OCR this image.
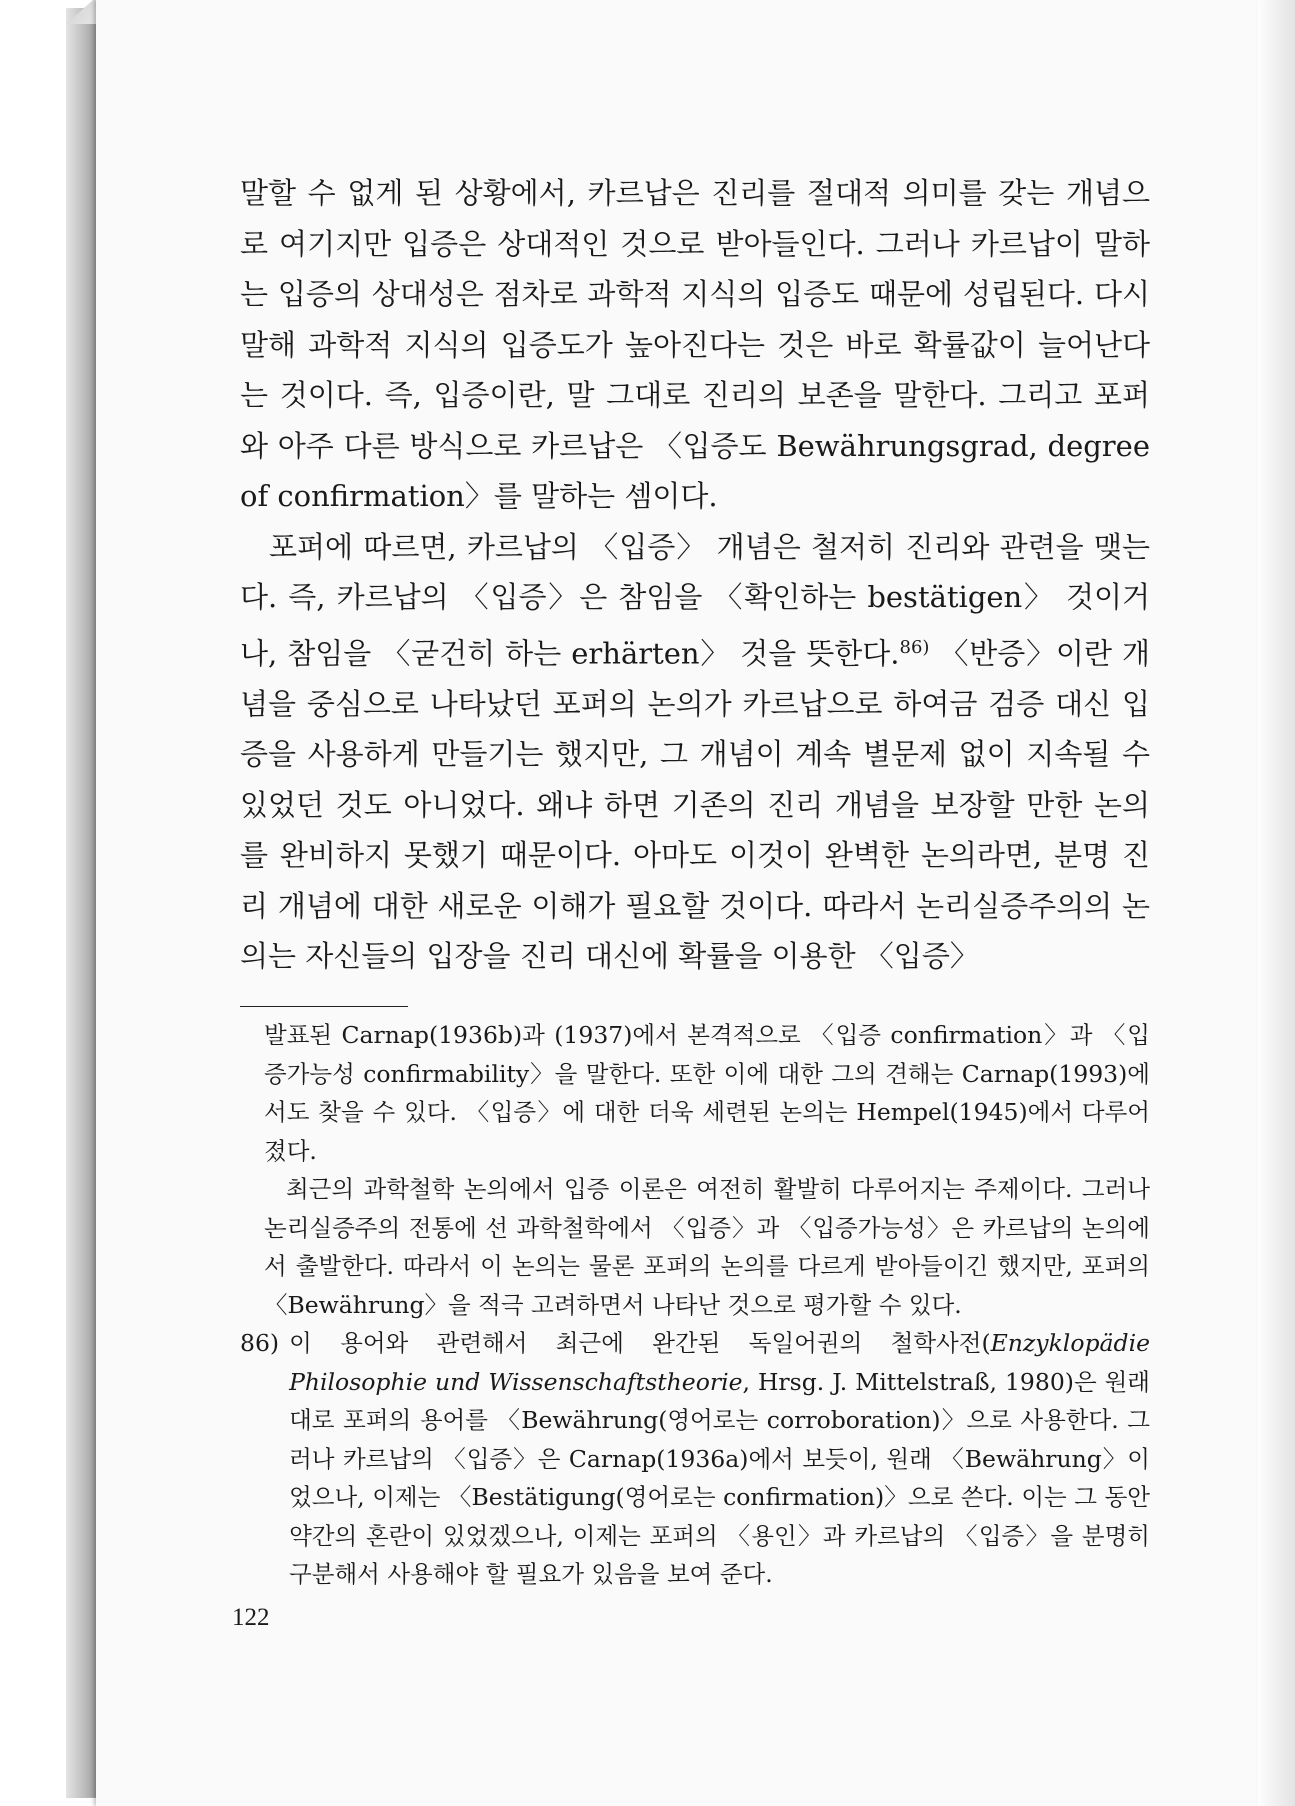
말할 수 없게 된 상황에서, 카르납은 진리를 절대적 의미를 갖는 개념으로 여기지만 입증은 상대적인 것으로 받아들인다. 그러나 카르납이 말하는 입증의 상대성은 점차로 과학적 지식의 입증도 때문에 성립된다. 다시 말해 과학적 지식의 입증도가 높아진다는 것은 바로 확률값이 늘어난다는 것이다. 즉, 입증이란, 말 그대로 진리의 보존을 말한다. 그리고 포퍼와 아주 다른 방식으로 카르납은 〈입증도 Bewährungsgrad, degree of confirmation〉를 말하는 셈이다.

포퍼에 따르면, 카르납의 〈입증〉 개념은 철저히 진리와 관련을 맺는다. 즉, 카르납의 〈입증〉은 참임을 〈확인하는 bestätigen〉 것이거나, 참임을 〈굳건히 하는 erhärten〉 것을 뜻한다.$^{86)}$ 〈반증〉이란 개념을 중심으로 나타났던 포퍼의 논의가 카르납으로 하여금 검증 대신 입증을 사용하게 만들기는 했지만, 그 개념이 계속 별문제 없이 지속될 수 있었던 것도 아니었다. 왜냐 하면 기존의 진리 개념을 보장할 만한 논의를 완비하지 못했기 때문이다. 아마도 이것이 완벽한 논의라면, 분명 진리 개념에 대한 새로운 이해가 필요할 것이다. 따라서 논리실증주의의 논의는 자신들의 입장을 진리 대신에 확률을 이용한 〈입증〉

발표된 Carnap(1936b)과 (1937)에서 본격적으로 〈입증 confirmation〉과 〈입증가능성 confirmability〉을 말한다. 또한 이에 대한 그의 견해는 Carnap(1993)에서도 찾을 수 있다. 〈입증〉에 대한 더욱 세련된 논의는 Hempel(1945)에서 다루어졌다.

최근의 과학철학 논의에서 입증 이론은 여전히 활발히 다루어지는 주제이다. 그러나 논리실증주의 전통에 선 과학철학에서 〈입증〉과 〈입증가능성〉은 카르납의 논의에서 출발한다. 따라서 이 논의는 물론 포퍼의 논의를 다르게 받아들이긴 했지만, 포퍼의 〈Bewährung〉을 적극 고려하면서 나타난 것으로 평가할 수 있다.

86) 이 용어와 관련해서 최근에 완간된 독일어권의 철학사전(Enzyklopädie Philosophie und Wissenschaftstheorie, Hrsg. J. Mittelstraß, 1980)은 원래대로 포퍼의 용어를 〈Bewährung(영어로는 corroboration)〉으로 사용한다. 그러나 카르납의 〈입증〉은 Carnap(1936a)에서 보듯이, 원래 〈Bewährung〉이었으나, 이제는 〈Bestätigung(영어로는 confirmation)〉으로 쓴다. 이는 그 동안 약간의 혼란이 있었겠으나, 이제는 포퍼의 〈용인〉과 카르납의 〈입증〉을 분명히 구분해서 사용해야 할 필요가 있음을 보여 준다.
122
